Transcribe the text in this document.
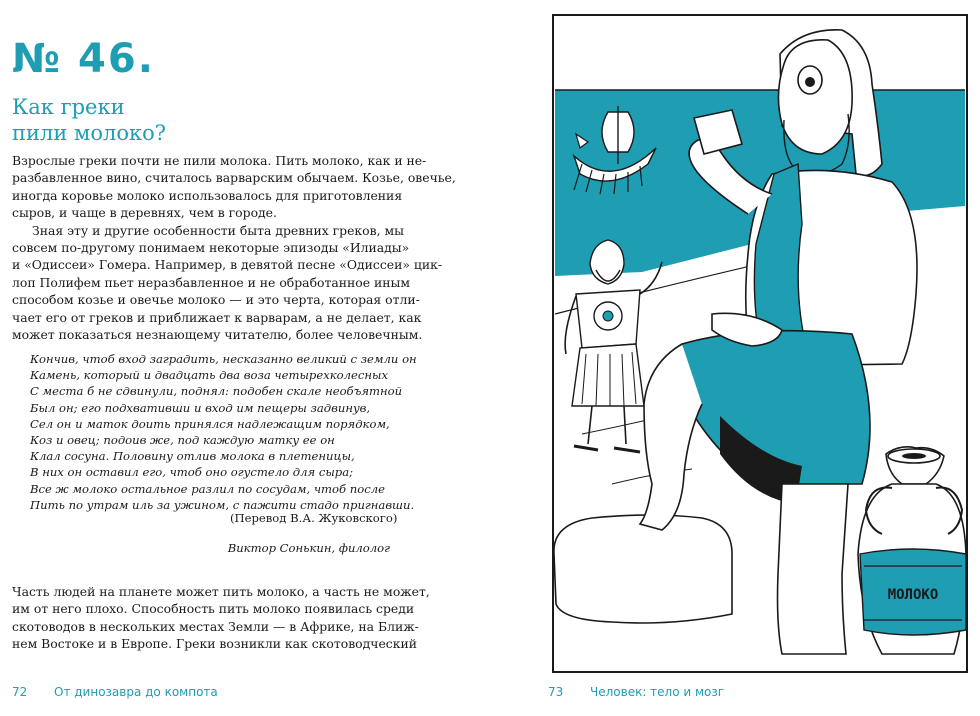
№ 46.
Как греки
пили молоко?
Взрослые греки почти не пили молока. Пить молоко, как и не-
разбавленное вино, считалось варварским обычаем. Козье, овечье,
иногда коровье молоко использовалось для приготовления
сыров, и чаще в деревнях, чем в городе.
Зная эту и другие особенности быта древних греков, мы
совсем по-другому понимаем некоторые эпизоды «Илиады»
и «Одиссеи» Гомера. Например, в девятой песне «Одиссеи» цик-
лоп Полифем пьет неразбавленное и не обработанное иным
способом козье и овечье молоко — и это черта, которая отли-
чает его от греков и приближает к варварам, а не делает, как
может показаться незнающему читателю, более человечным.
Кончив, чтоб вход заградить, несказанно великий с земли он
Камень, который и двадцать два воза четырехколесных
С места б не сдвинули, поднял: подобен скале необъятной
Был он; его подхвативши и вход им пещеры задвинув,
Сел он и маток доить принялся надлежащим порядком,
Коз и овец; подоив же, под каждую матку ее он
Клал сосуна. Половину отлив молока в плетеницы,
В них он оставил его, чтоб оно огустело для сыра;
Все ж молоко остальное разлил по сосудам, чтоб после
Пить по утрам иль за ужином, с пажити стадо пригнавши.
(Перевод В.А. Жуковского)
Виктор Сонькин, филолог
Часть людей на планете может пить молоко, а часть не может,
им от него плохо. Способность пить молоко появилась среди
скотоводов в нескольких местах Земли — в Африке, на Ближ-
нем Востоке и в Европе. Греки возникли как скотоводческий
72 От динозавра до компота
МОЛОКО
73 Человек: тело и мозг
